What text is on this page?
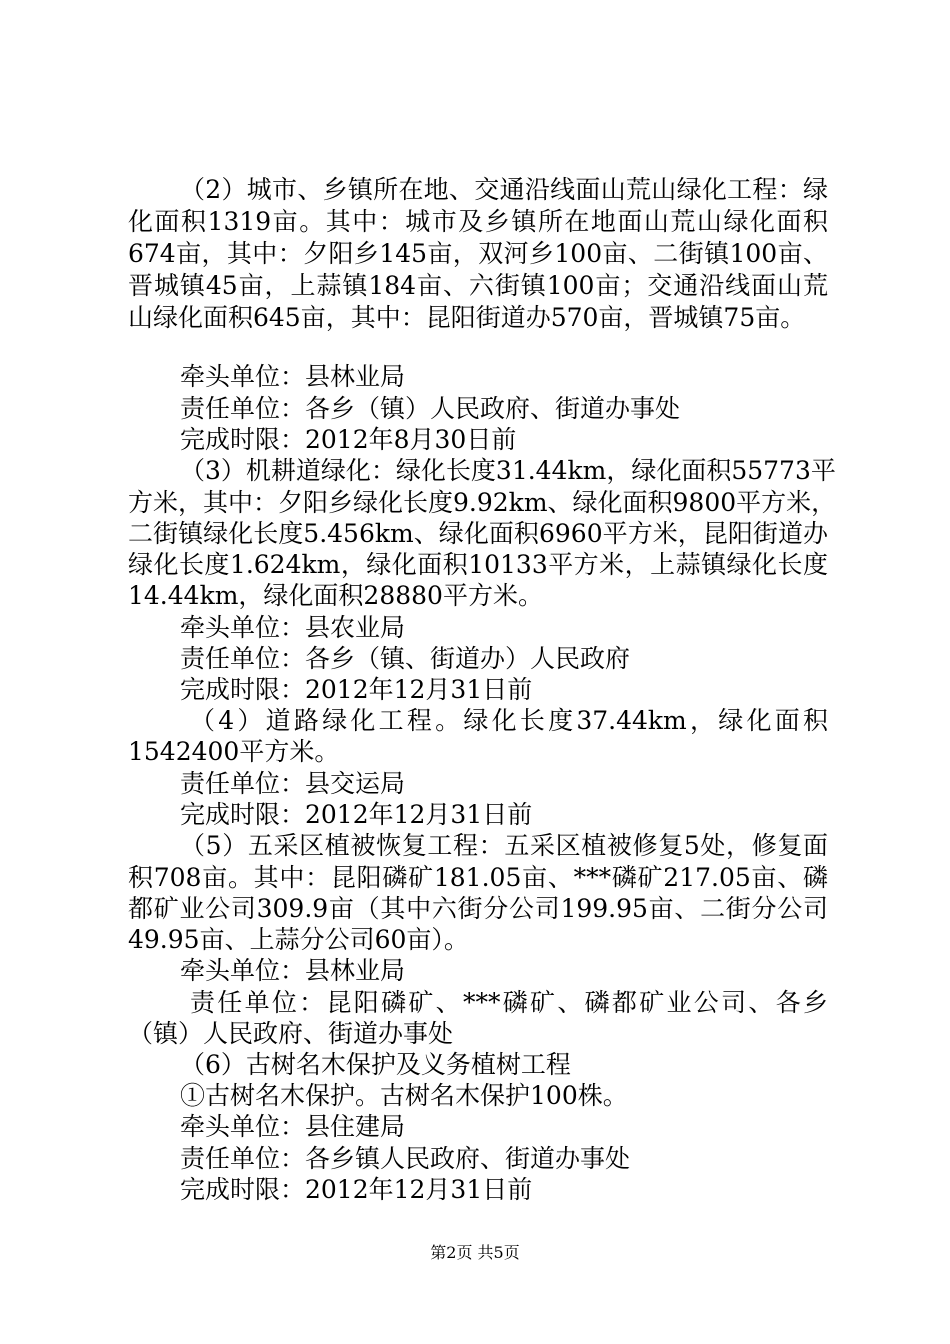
（2）城市、乡镇所在地、交通沿线面山荒山绿化工程：绿
化面积1319亩。其中：城市及乡镇所在地面山荒山绿化面积
674亩，其中：夕阳乡145亩，双河乡100亩、二街镇100亩、
晋城镇45亩，上蒜镇184亩、六街镇100亩；交通沿线面山荒
山绿化面积645亩，其中：昆阳街道办570亩，晋城镇75亩。
牵头单位：县林业局
责任单位：各乡（镇）人民政府、街道办事处
完成时限：2012年8月30日前
（3）机耕道绿化：绿化长度31.44km，绿化面积55773平
方米，其中：夕阳乡绿化长度9.92km、绿化面积9800平方米，
二街镇绿化长度5.456km、绿化面积6960平方米，昆阳街道办
绿化长度1.624km，绿化面积10133平方米，上蒜镇绿化长度
14.44km，绿化面积28880平方米。
牵头单位：县农业局
责任单位：各乡（镇、街道办）人民政府
完成时限：2012年12月31日前
（4）道路绿化工程。绿化长度37.44km，绿化面积
1542400平方米。
责任单位：县交运局
完成时限：2012年12月31日前
（5）五采区植被恢复工程：五采区植被修复5处，修复面
积708亩。其中：昆阳磷矿181.05亩、***磷矿217.05亩、磷
都矿业公司309.9亩（其中六街分公司199.95亩、二街分公司
49.95亩、上蒜分公司60亩）。
牵头单位：县林业局
责任单位：昆阳磷矿、***磷矿、磷都矿业公司、各乡
（镇）人民政府、街道办事处
（6）古树名木保护及义务植树工程
①古树名木保护。古树名木保护100株。
牵头单位：县住建局
责任单位：各乡镇人民政府、街道办事处
完成时限：2012年12月31日前
第2页 共5页
